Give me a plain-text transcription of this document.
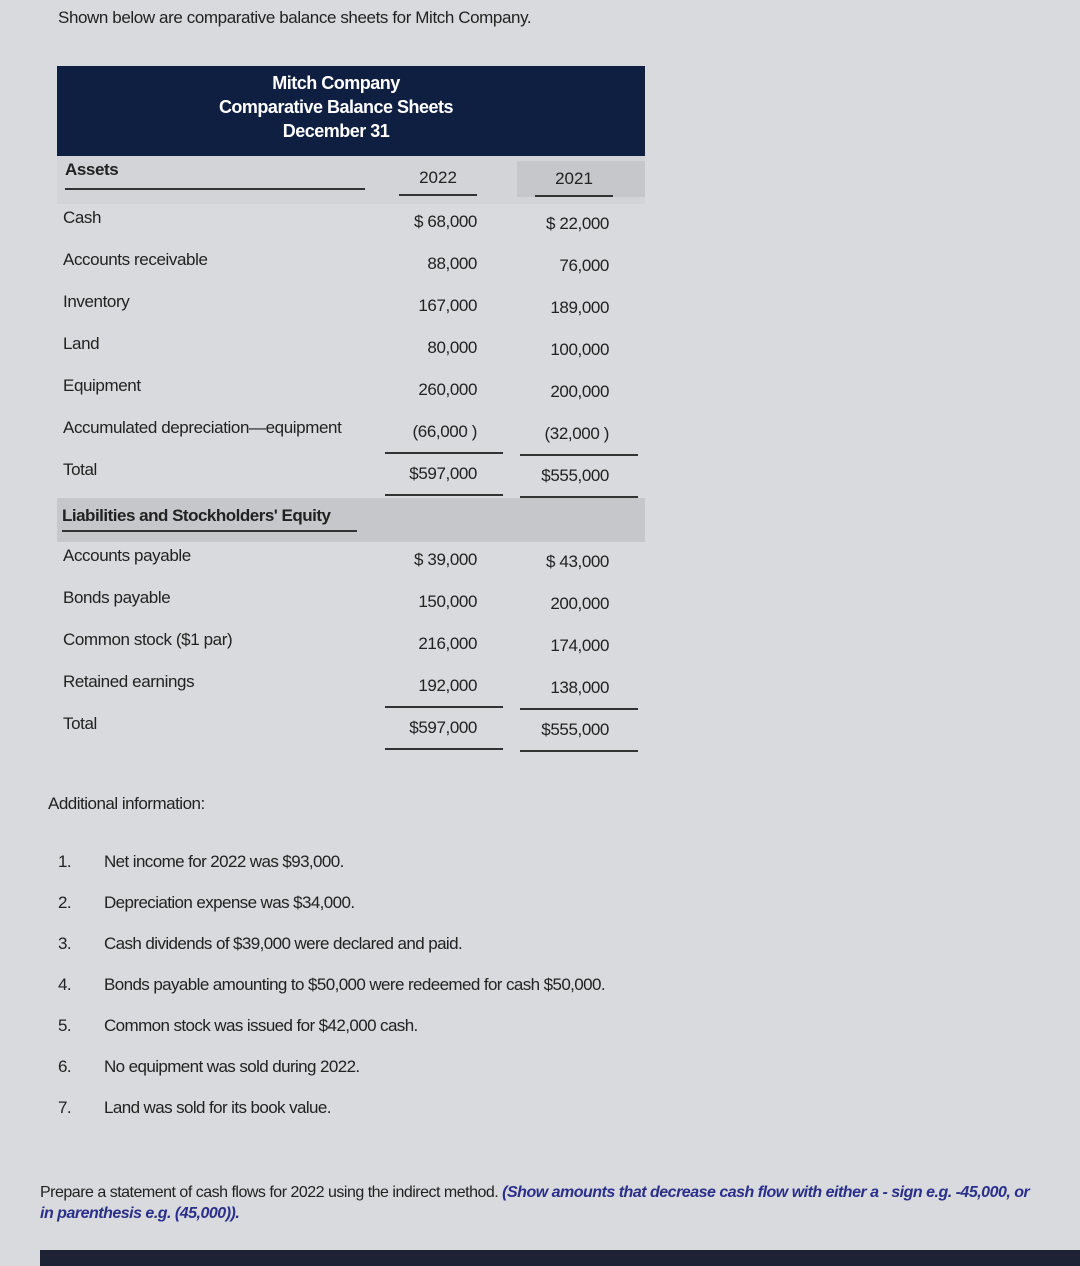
Shown below are comparative balance sheets for Mitch Company.
Mitch Company
Comparative Balance Sheets
December 31
Assets	2022	2021
Cash	$ 68,000	$ 22,000
Accounts receivable	88,000	76,000
Inventory	167,000	189,000
Land	80,000	100,000
Equipment	260,000	200,000
Accumulated depreciation—equipment	(66,000 )	(32,000 )
Total	$597,000	$555,000
Liabilities and Stockholders' Equity
Accounts payable	$ 39,000	$ 43,000
Bonds payable	150,000	200,000
Common stock ($1 par)	216,000	174,000
Retained earnings	192,000	138,000
Total	$597,000	$555,000
Additional information:
1. Net income for 2022 was $93,000.
2. Depreciation expense was $34,000.
3. Cash dividends of $39,000 were declared and paid.
4. Bonds payable amounting to $50,000 were redeemed for cash $50,000.
5. Common stock was issued for $42,000 cash.
6. No equipment was sold during 2022.
7. Land was sold for its book value.
Prepare a statement of cash flows for 2022 using the indirect method. (Show amounts that decrease cash flow with either a - sign e.g. -45,000, or in parenthesis e.g. (45,000)).
